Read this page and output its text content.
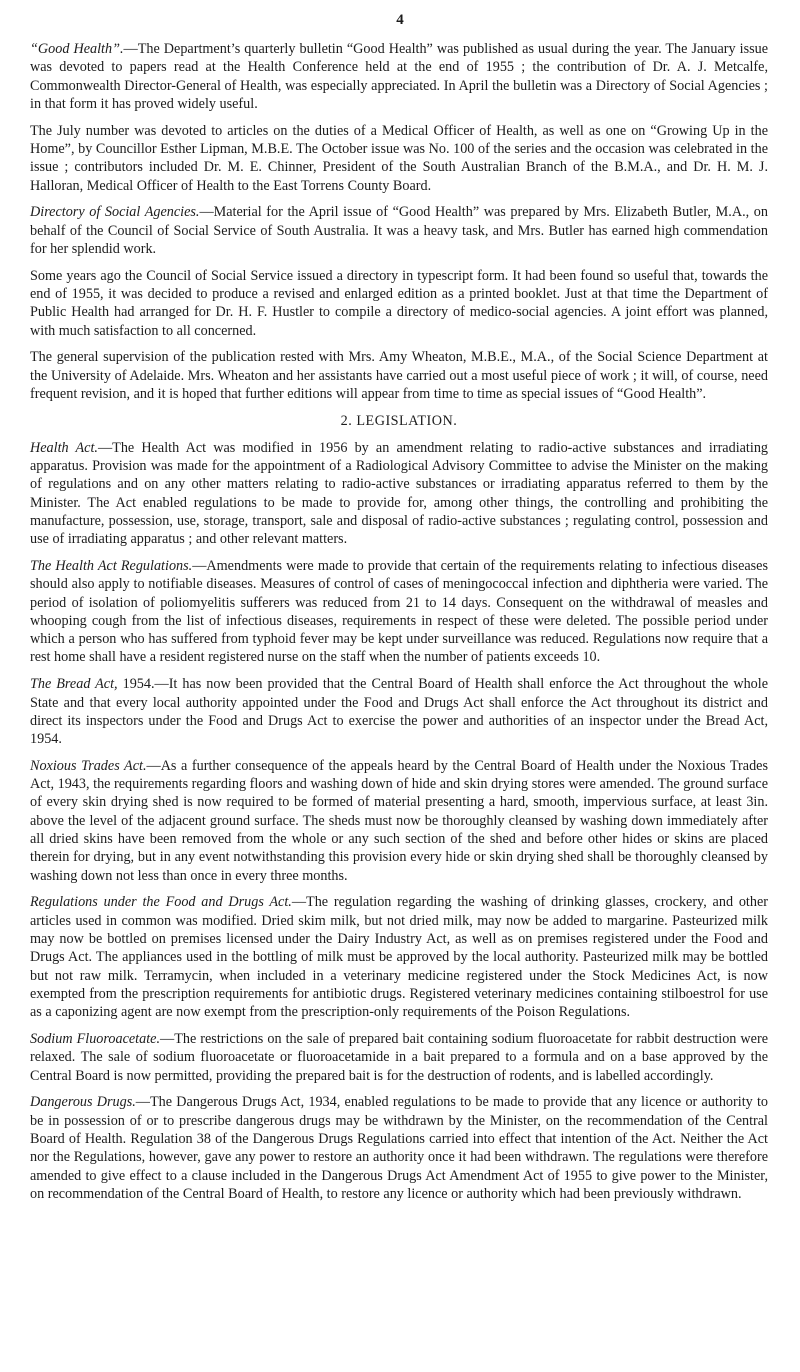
4

“Good Health”.—The Department’s quarterly bulletin “Good Health” was published as usual during the year. The January issue was devoted to papers read at the Health Conference held at the end of 1955 ; the contribution of Dr. A. J. Metcalfe, Commonwealth Director-General of Health, was especially appreciated. In April the bulletin was a Directory of Social Agencies ; in that form it has proved widely useful.

The July number was devoted to articles on the duties of a Medical Officer of Health, as well as one on “Growing Up in the Home”, by Councillor Esther Lipman, M.B.E. The October issue was No. 100 of the series and the occasion was celebrated in the issue ; contributors included Dr. M. E. Chinner, President of the South Australian Branch of the B.M.A., and Dr. H. M. J. Halloran, Medical Officer of Health to the East Torrens County Board.

Directory of Social Agencies.—Material for the April issue of “Good Health” was prepared by Mrs. Elizabeth Butler, M.A., on behalf of the Council of Social Service of South Australia. It was a heavy task, and Mrs. Butler has earned high commendation for her splendid work.

Some years ago the Council of Social Service issued a directory in typescript form. It had been found so useful that, towards the end of 1955, it was decided to produce a revised and enlarged edition as a printed booklet. Just at that time the Department of Public Health had arranged for Dr. H. F. Hustler to compile a directory of medico-social agencies. A joint effort was planned, with much satisfaction to all concerned.

The general supervision of the publication rested with Mrs. Amy Wheaton, M.B.E., M.A., of the Social Science Department at the University of Adelaide. Mrs. Wheaton and her assistants have carried out a most useful piece of work ; it will, of course, need frequent revision, and it is hoped that further editions will appear from time to time as special issues of “Good Health”.

2. LEGISLATION.

Health Act.—The Health Act was modified in 1956 by an amendment relating to radio-active substances and irradiating apparatus. Provision was made for the appointment of a Radiological Advisory Committee to advise the Minister on the making of regulations and on any other matters relating to radio-active substances or irradiating apparatus referred to them by the Minister. The Act enabled regulations to be made to provide for, among other things, the controlling and prohibiting the manufacture, possession, use, storage, transport, sale and disposal of radio-active substances ; regulating control, possession and use of irradiating apparatus ; and other relevant matters.

The Health Act Regulations.—Amendments were made to provide that certain of the requirements relating to infectious diseases should also apply to notifiable diseases. Measures of control of cases of meningococcal infection and diphtheria were varied. The period of isolation of poliomyelitis sufferers was reduced from 21 to 14 days. Consequent on the withdrawal of measles and whooping cough from the list of infectious diseases, requirements in respect of these were deleted. The possible period under which a person who has suffered from typhoid fever may be kept under surveillance was reduced. Regulations now require that a rest home shall have a resident registered nurse on the staff when the number of patients exceeds 10.

The Bread Act, 1954.—It has now been provided that the Central Board of Health shall enforce the Act throughout the whole State and that every local authority appointed under the Food and Drugs Act shall enforce the Act throughout its district and direct its inspectors under the Food and Drugs Act to exercise the power and authorities of an inspector under the Bread Act, 1954.

Noxious Trades Act.—As a further consequence of the appeals heard by the Central Board of Health under the Noxious Trades Act, 1943, the requirements regarding floors and washing down of hide and skin drying stores were amended. The ground surface of every skin drying shed is now required to be formed of material presenting a hard, smooth, impervious surface, at least 3in. above the level of the adjacent ground surface. The sheds must now be thoroughly cleansed by washing down immediately after all dried skins have been removed from the whole or any such section of the shed and before other hides or skins are placed therein for drying, but in any event notwithstanding this provision every hide or skin drying shed shall be thoroughly cleansed by washing down not less than once in every three months.

Regulations under the Food and Drugs Act.—The regulation regarding the washing of drinking glasses, crockery, and other articles used in common was modified. Dried skim milk, but not dried milk, may now be added to margarine. Pasteurized milk may now be bottled on premises licensed under the Dairy Industry Act, as well as on premises registered under the Food and Drugs Act. The appliances used in the bottling of milk must be approved by the local authority. Pasteurized milk may be bottled but not raw milk. Terramycin, when included in a veterinary medicine registered under the Stock Medicines Act, is now exempted from the prescription requirements for antibiotic drugs. Registered veterinary medicines containing stilboestrol for use as a caponizing agent are now exempt from the prescription-only requirements of the Poison Regulations.

Sodium Fluoroacetate.—The restrictions on the sale of prepared bait containing sodium fluoroacetate for rabbit destruction were relaxed. The sale of sodium fluoroacetate or fluoroacetamide in a bait prepared to a formula and on a base approved by the Central Board is now permitted, providing the prepared bait is for the destruction of rodents, and is labelled accordingly.

Dangerous Drugs.—The Dangerous Drugs Act, 1934, enabled regulations to be made to provide that any licence or authority to be in possession of or to prescribe dangerous drugs may be withdrawn by the Minister, on the recommendation of the Central Board of Health. Regulation 38 of the Dangerous Drugs Regulations carried into effect that intention of the Act. Neither the Act nor the Regulations, however, gave any power to restore an authority once it had been withdrawn. The regulations were therefore amended to give effect to a clause included in the Dangerous Drugs Act Amendment Act of 1955 to give power to the Minister, on recommendation of the Central Board of Health, to restore any licence or authority which had been previously withdrawn.
